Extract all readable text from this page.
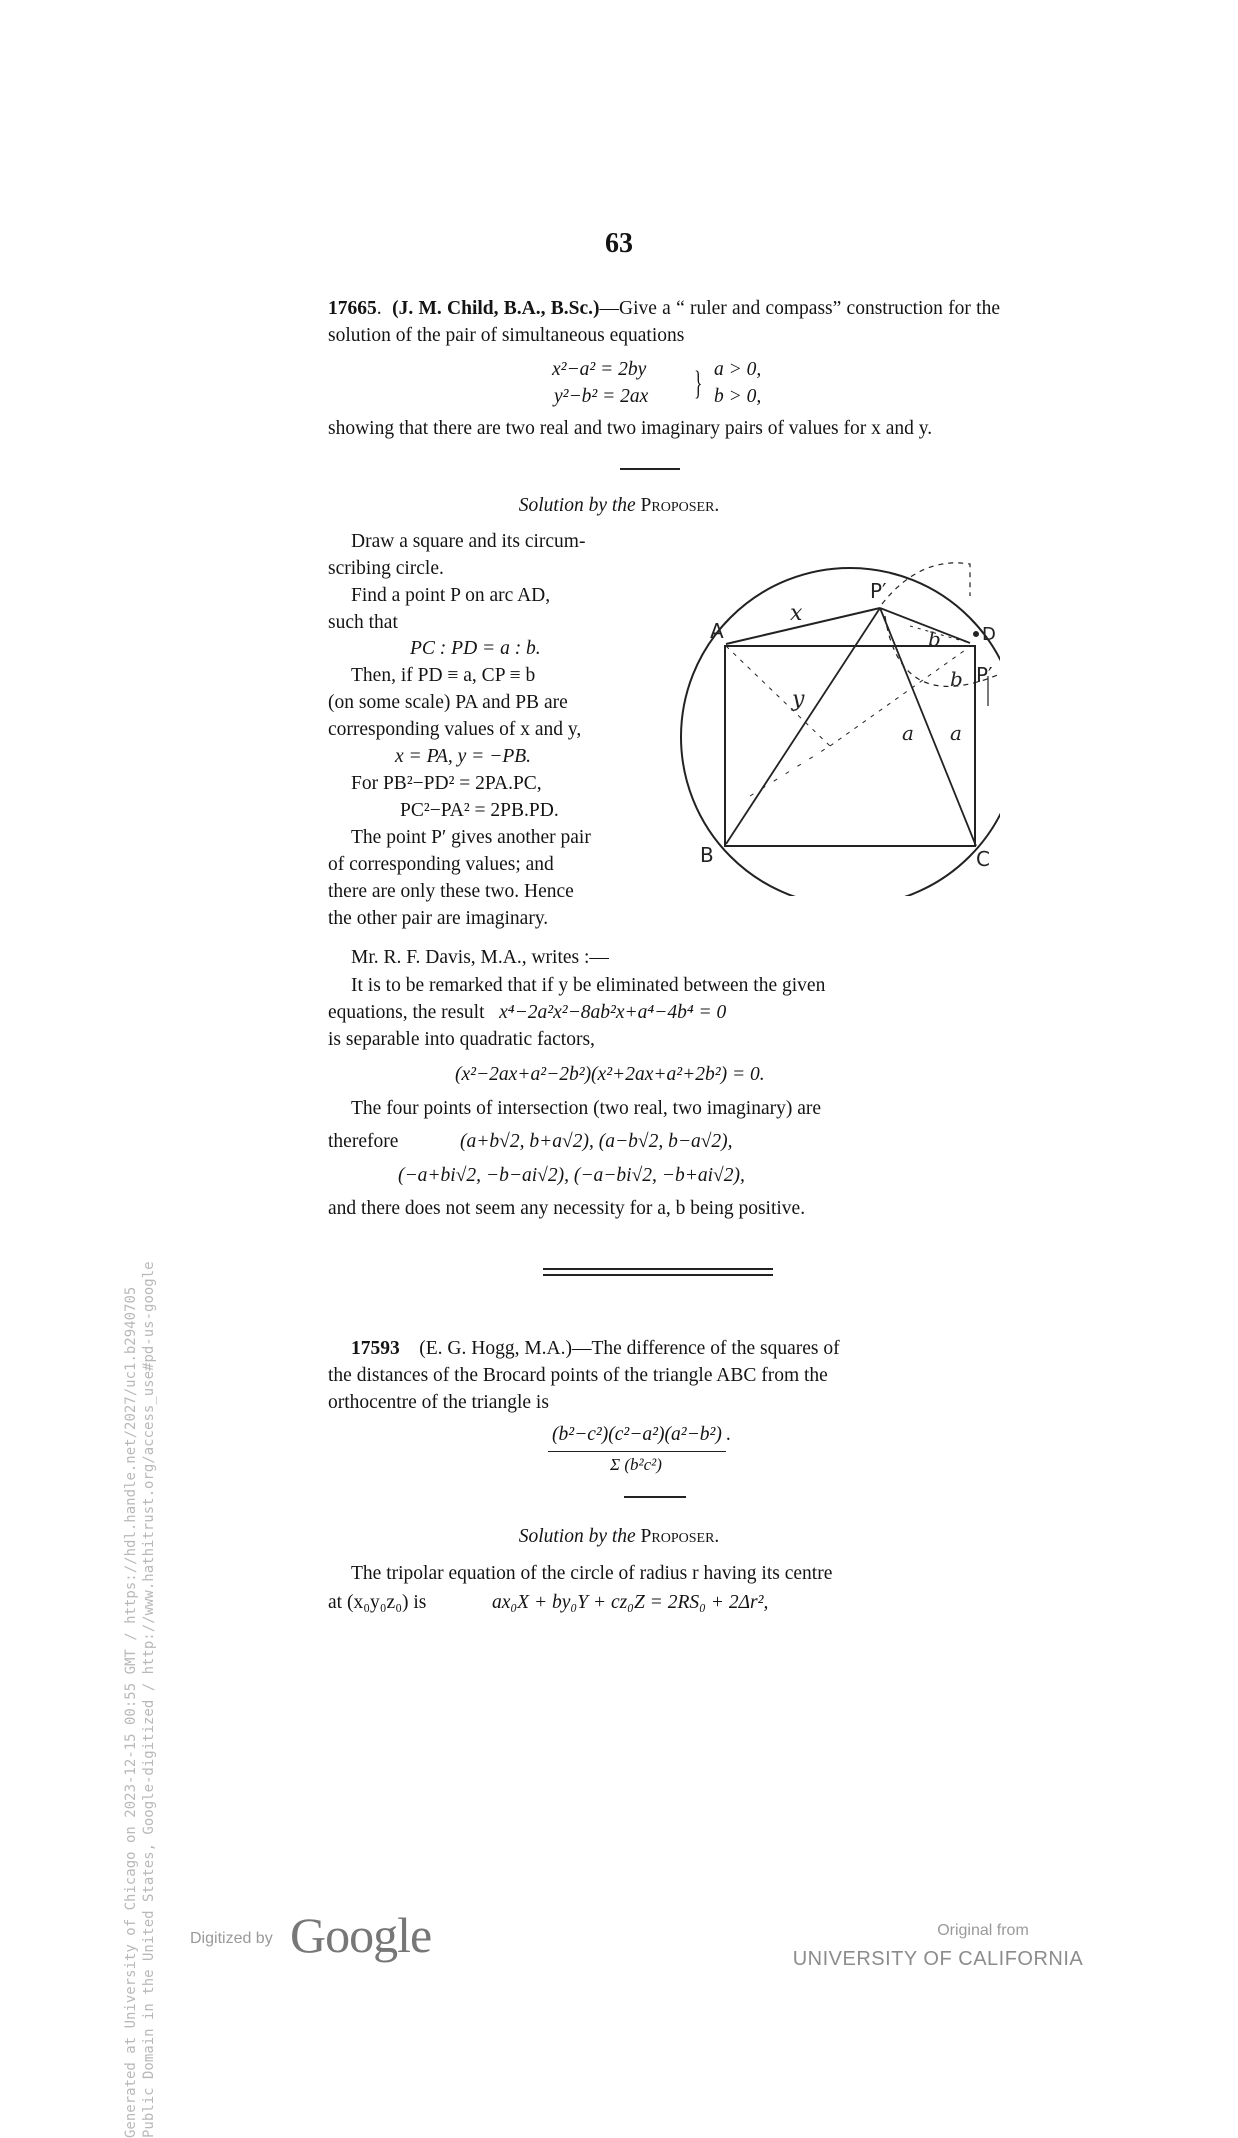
63
17665.  (J. M. Child, B.A., B.Sc.)—Give a “ ruler and compass” construction for the solution of the pair of simultaneous equations
x²−a² = 2by
y²−b² = 2ax } a > 0,
b > 0,
showing that there are two real and two imaginary pairs of values for x and y.
Solution by the Proposer.
Draw a square and its circum-
scribing circle.
Find a point P on arc AD,
such that
PC : PD = a : b.
Then, if PD ≡ a, CP ≡ b
(on some scale) PA and PB are
corresponding values of x and y,
x = PA, y = −PB.
For PB²−PD² = 2PA.PC,
PC²−PA² = 2PB.PD.
The point P′ gives another pair
of corresponding values; and
there are only these two. Hence
the other pair are imaginary.
A
B	C
D
P′
P′
x
y
a a
b
b
Mr. R. F. Davis, M.A., writes :—
It is to be remarked that if y be eliminated between the given
equations, the result x⁴−2a²x²−8ab²x+a⁴−4b⁴ = 0
is separable into quadratic factors,
(x²−2ax+a²−2b²)(x²+2ax+a²+2b²) = 0.
The four points of intersection (two real, two imaginary) are
therefore	(a+b√2, b+a√2), (a−b√2, b−a√2),
(−a+bi√2, −b−ai√2), (−a−bi√2, −b+ai√2),
and there does not seem any necessity for a, b being positive.
17593 (E. G. Hogg, M.A.)—The difference of the squares of
the distances of the Brocard points of the triangle ABC from the
orthocentre of the triangle is
(b²−c²)(c²−a²)(a²−b²) .
Σ (b²c²)
Solution by the Proposer.
The tripolar equation of the circle of radius r having its centre
at (x₀y₀z₀) is	ax₀X + by₀Y + cz₀Z = 2RS₀ + 2Δr²,
Generated at University of Chicago on 2023-12-15 00:55 GMT / https://hdl.handle.net/2027/uc1.b2940705 Public Domain in the United States, Google-digitized / http://www.hathitrust.org/access_use#pd-us-google Digitized by Google	Original from
UNIVERSITY OF CALIFORNIA
